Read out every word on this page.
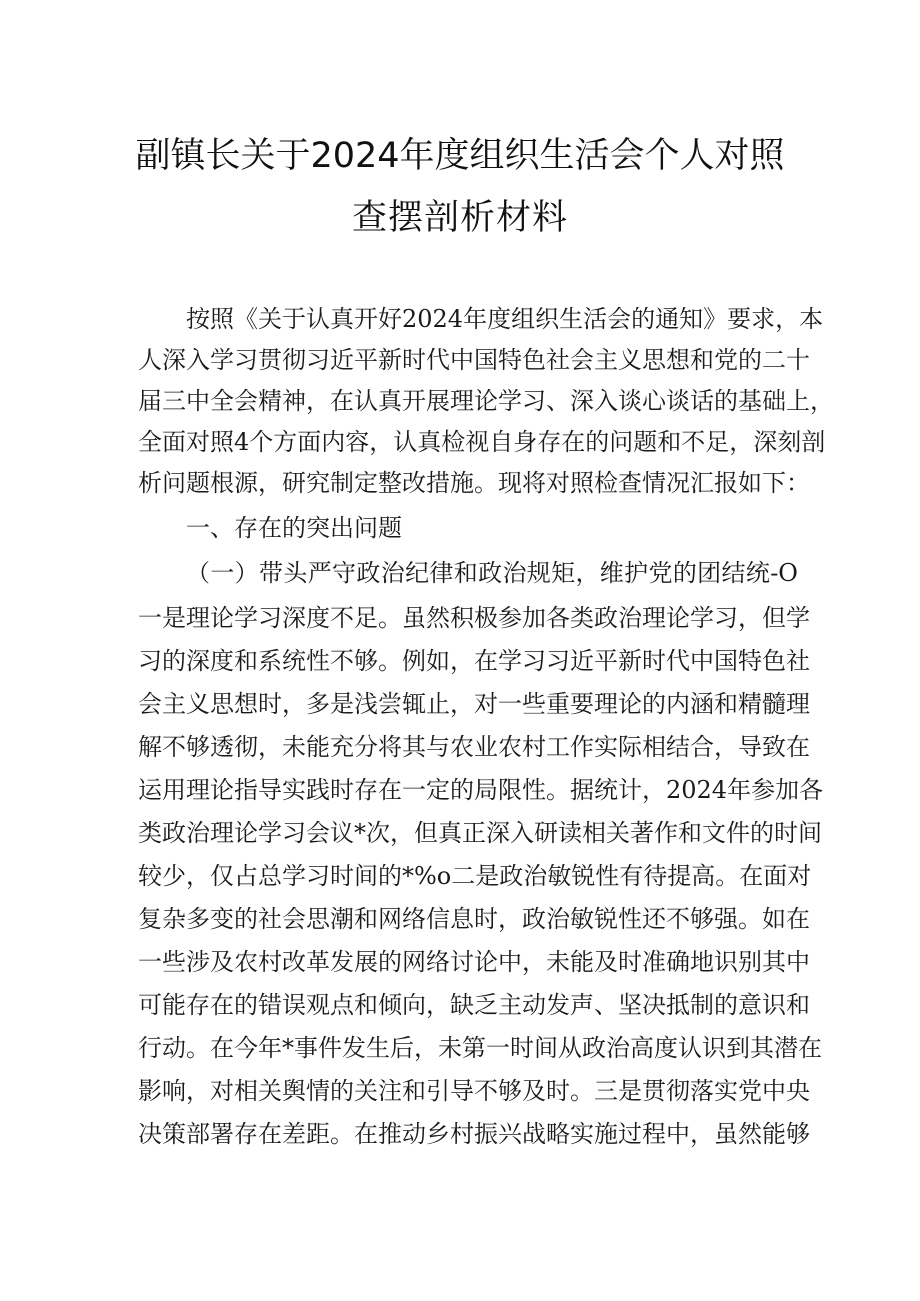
副镇长关于2024年度组织生活会个人对照
查摆剖析材料
按照《关于认真开好2024年度组织生活会的通知》要求，本
人深入学习贯彻习近平新时代中国特色社会主义思想和党的二十
届三中全会精神，在认真开展理论学习、深入谈心谈话的基础上，
全面对照4个方面内容，认真检视自身存在的问题和不足，深刻剖
析问题根源，研究制定整改措施。现将对照检查情况汇报如下：
一、存在的突出问题
（一）带头严守政治纪律和政治规矩，维护党的团结统-O
一是理论学习深度不足。虽然积极参加各类政治理论学习，但学
习的深度和系统性不够。例如，在学习习近平新时代中国特色社
会主义思想时，多是浅尝辄止，对一些重要理论的内涵和精髓理
解不够透彻，未能充分将其与农业农村工作实际相结合，导致在
运用理论指导实践时存在一定的局限性。据统计，2024年参加各
类政治理论学习会议*次，但真正深入研读相关著作和文件的时间
较少，仅占总学习时间的*%o二是政治敏锐性有待提高。在面对
复杂多变的社会思潮和网络信息时，政治敏锐性还不够强。如在
一些涉及农村改革发展的网络讨论中，未能及时准确地识别其中
可能存在的错误观点和倾向，缺乏主动发声、坚决抵制的意识和
行动。在今年*事件发生后，未第一时间从政治高度认识到其潜在
影响，对相关舆情的关注和引导不够及时。三是贯彻落实党中央
决策部署存在差距。在推动乡村振兴战略实施过程中，虽然能够
